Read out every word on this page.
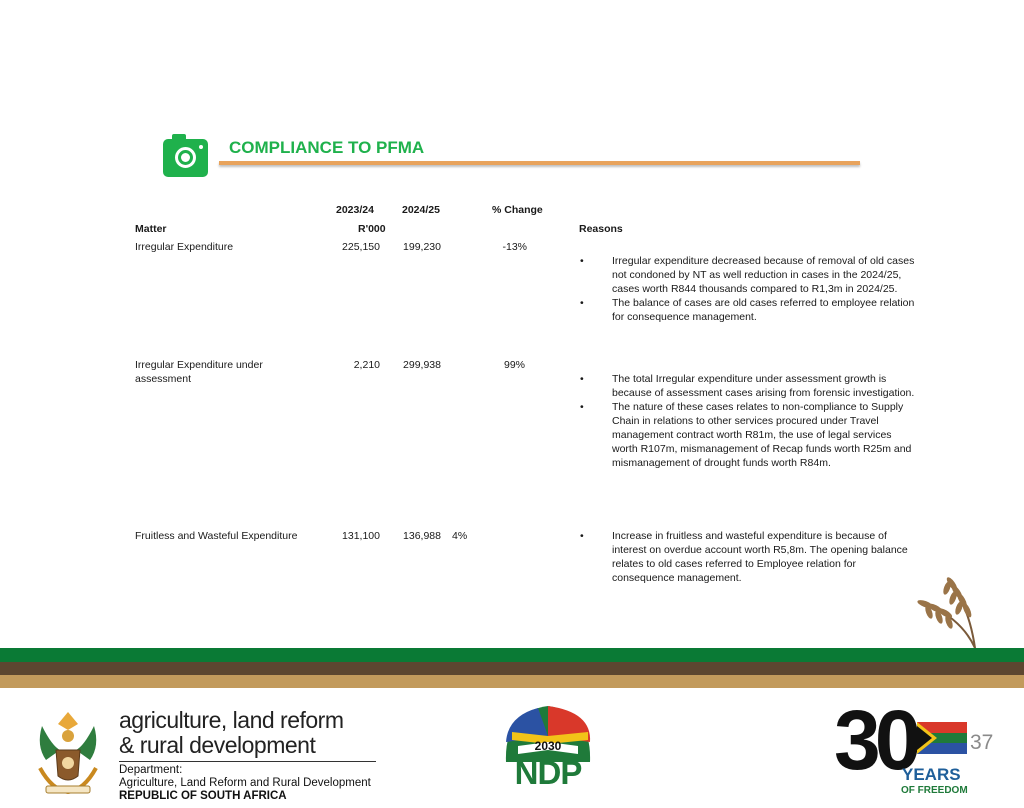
COMPLIANCE TO PFMA
2023/24	2024/25	% Change
Matter	R'000	Reasons
Irregular Expenditure	225,150	199,230	-13%
• Irregular expenditure decreased because of removal of old cases not condoned by NT as well reduction in cases in the 2024/25, cases worth R844 thousands compared to R1,3m in 2024/25.
• The balance of cases are old cases referred to employee relation for consequence management.
Irregular Expenditure under
assessment
2,210	299,938	99%
• The total Irregular expenditure under assessment growth is because of assessment cases arising from forensic investigation.
• The nature of these cases relates to non-compliance to Supply Chain in relations to other services procured under Travel management contract worth R81m, the use of legal services worth R107m, mismanagement of Recap funds worth R25m and mismanagement of drought funds worth R84m.
Fruitless and Wasteful Expenditure	131,100	136,988 4%
•	Increase in fruitless and wasteful expenditure is because of interest on overdue account worth R5,8m. The opening balance relates to old cases referred to Employee relation for consequence management.
agriculture, land reform
& rural development
Department:
Agriculture, Land Reform and Rural Development
REPUBLIC OF SOUTH AFRICA
2030
NDP	30
YEARS
OF FREEDOM
37
